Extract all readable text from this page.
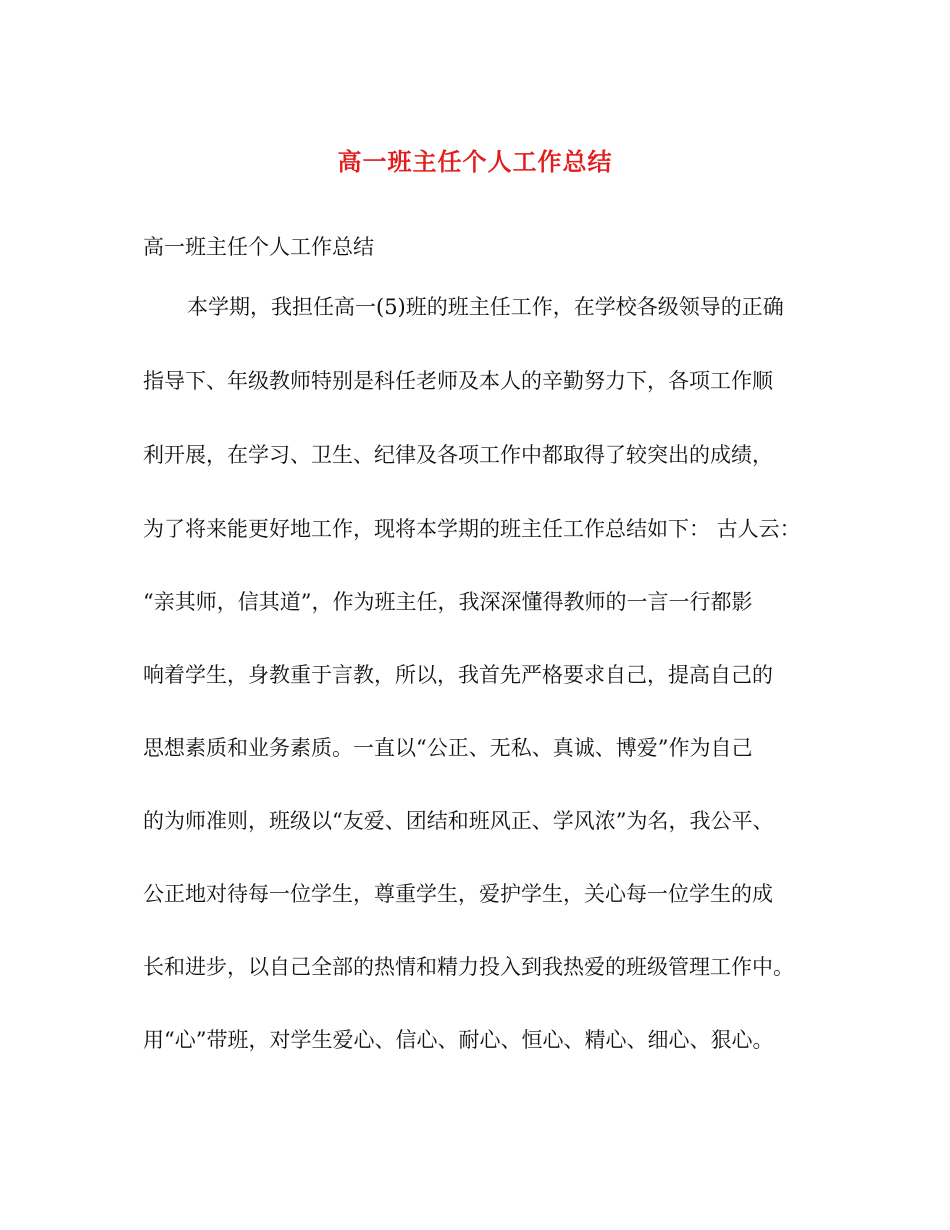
高一班主任个人工作总结
高一班主任个人工作总结
本学期，我担任高一(5)班的班主任工作，在学校各级领导的正确
指导下、年级教师特别是科任老师及本人的辛勤努力下，各项工作顺
利开展，在学习、卫生、纪律及各项工作中都取得了较突出的成绩，
为了将来能更好地工作，现将本学期的班主任工作总结如下： 古人云：
“亲其师，信其道”，作为班主任，我深深懂得教师的一言一行都影
响着学生，身教重于言教，所以，我首先严格要求自己，提高自己的
思想素质和业务素质。一直以“公正、无私、真诚、博爱”作为自己
的为师准则，班级以“友爱、团结和班风正、学风浓”为名，我公平、
公正地对待每一位学生，尊重学生，爱护学生，关心每一位学生的成
长和进步，以自己全部的热情和精力投入到我热爱的班级管理工作中。
用“心”带班，对学生爱心、信心、耐心、恒心、精心、细心、狠心。
